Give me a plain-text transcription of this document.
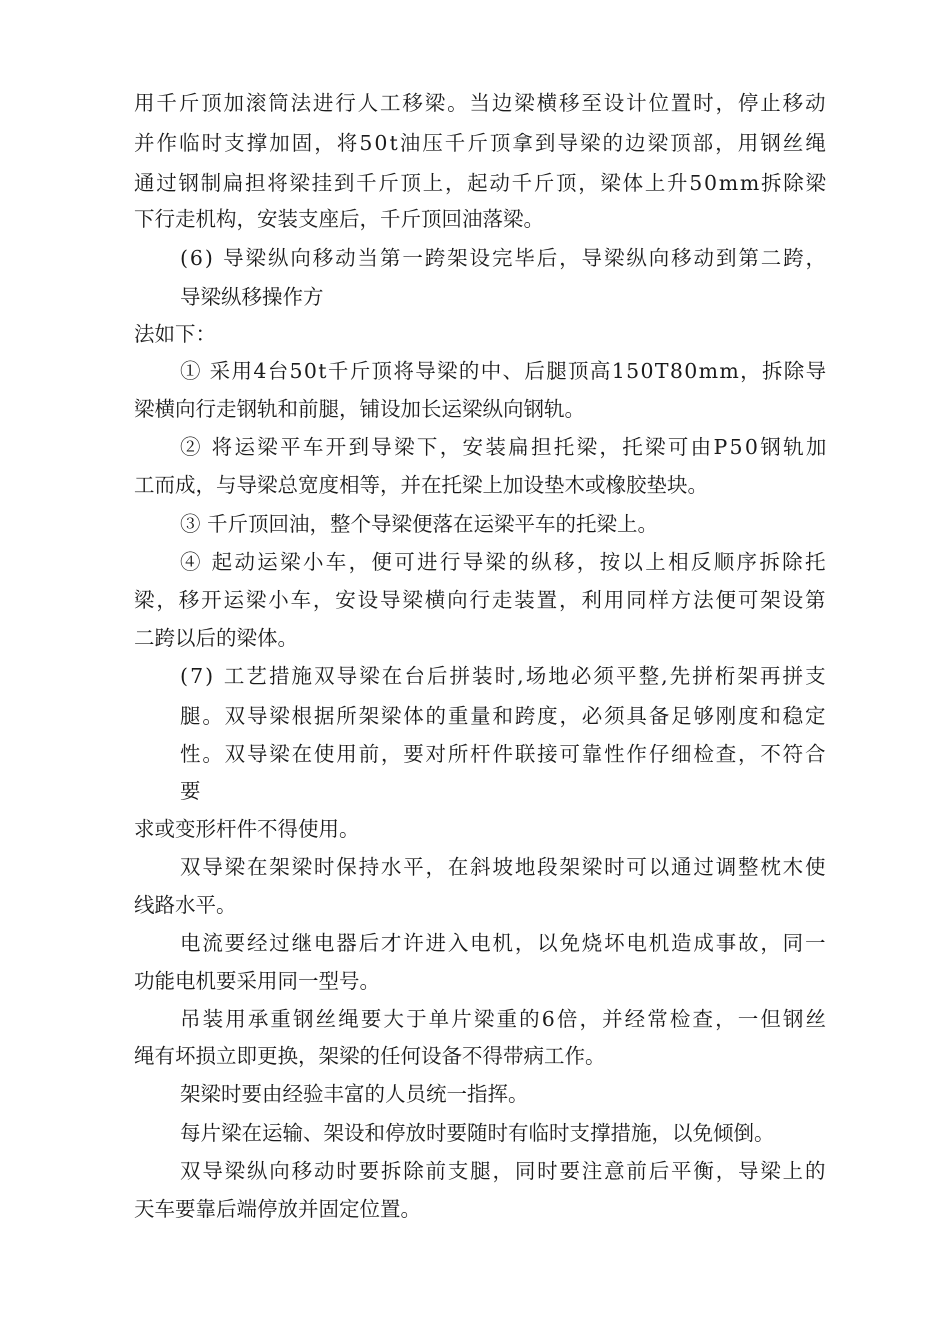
用千斤顶加滚筒法进行人工移梁。当边梁横移至设计位置时，停止移动
并作临时支撑加固，将50t油压千斤顶拿到导梁的边梁顶部，用钢丝绳
通过钢制扁担将梁挂到千斤顶上，起动千斤顶，梁体上升50mm拆除梁
下行走机构，安装支座后，千斤顶回油落梁。
(6) 导梁纵向移动当第一跨架设完毕后，导梁纵向移动到第二跨，
导梁纵移操作方
法如下：
① 采用4台50t千斤顶将导梁的中、后腿顶高150T80mm，拆除导
梁横向行走钢轨和前腿，铺设加长运梁纵向钢轨。
② 将运梁平车开到导梁下，安装扁担托梁，托梁可由P50钢轨加
工而成，与导梁总宽度相等，并在托梁上加设垫木或橡胶垫块。
③ 千斤顶回油，整个导梁便落在运梁平车的托梁上。
④ 起动运梁小车，便可进行导梁的纵移，按以上相反顺序拆除托
梁，移开运梁小车，安设导梁横向行走装置，利用同样方法便可架设第
二跨以后的梁体。
(7) 工艺措施双导梁在台后拼装时,场地必须平整,先拼桁架再拼支
腿。双导梁根据所架梁体的重量和跨度，必须具备足够刚度和稳定
性。双导梁在使用前，要对所杆件联接可靠性作仔细检查，不符合
要
求或变形杆件不得使用。
双导梁在架梁时保持水平，在斜坡地段架梁时可以通过调整枕木使
线路水平。
电流要经过继电器后才许进入电机，以免烧坏电机造成事故，同一
功能电机要采用同一型号。
吊装用承重钢丝绳要大于单片梁重的6倍，并经常检查，一但钢丝
绳有坏损立即更换，架梁的任何设备不得带病工作。
架梁时要由经验丰富的人员统一指挥。
每片梁在运输、架设和停放时要随时有临时支撑措施，以免倾倒。
双导梁纵向移动时要拆除前支腿，同时要注意前后平衡，导梁上的
天车要靠后端停放并固定位置。
